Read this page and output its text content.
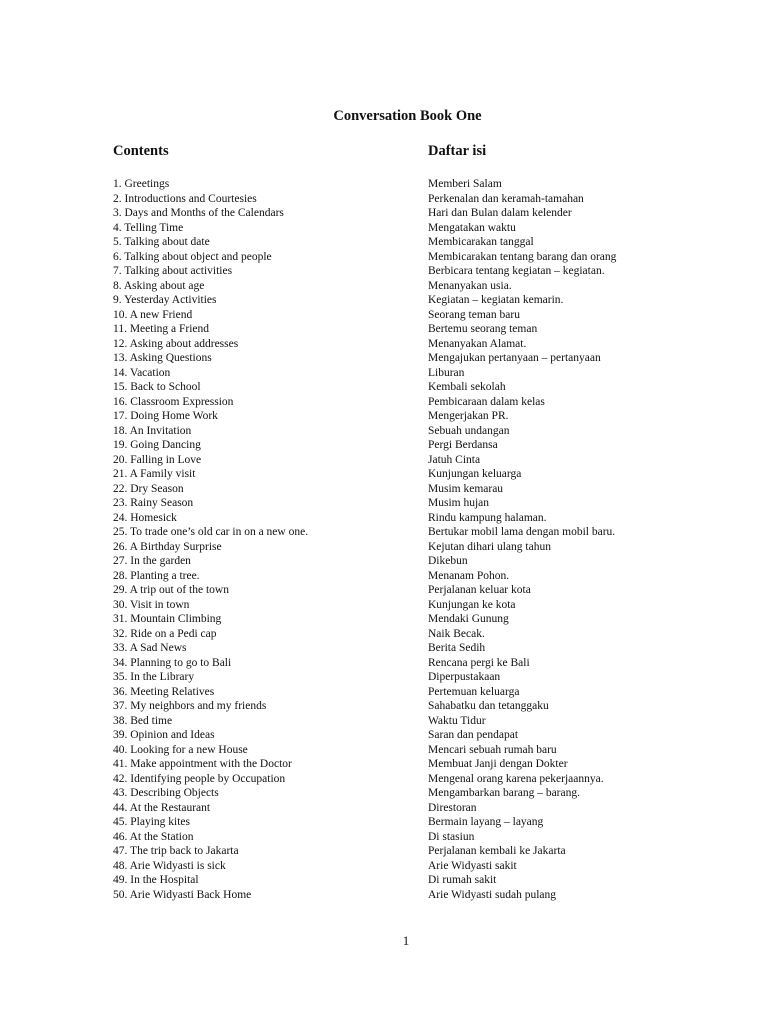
Conversation Book One
Contents	Daftar isi
1. Greetings
2. Introductions and Courtesies
3. Days and Months of the Calendars
4. Telling Time
5. Talking about date
6. Talking about object and people
7. Talking about activities
8. Asking about age
9. Yesterday Activities
10. A new Friend
11. Meeting a Friend
12. Asking about addresses
13. Asking Questions
14. Vacation
15. Back to School
16. Classroom Expression
17. Doing Home Work
18. An Invitation
19. Going Dancing
20. Falling in Love
21. A Family visit
22. Dry Season
23. Rainy Season
24. Homesick
25. To trade one’s old car in on a new one.
26. A Birthday Surprise
27. In the garden
28. Planting a tree.
29. A trip out of the town
30. Visit in town
31. Mountain Climbing
32. Ride on a Pedi cap
33. A Sad News
34. Planning to go to Bali
35. In the Library
36. Meeting Relatives
37. My neighbors and my friends
38. Bed time
39. Opinion and Ideas
40. Looking for a new House
41. Make appointment with the Doctor
42. Identifying people by Occupation
43. Describing Objects
44. At the Restaurant
45. Playing kites
46. At the Station
47. The trip back to Jakarta
48. Arie Widyasti is sick
49. In the Hospital
50. Arie Widyasti Back Home
Memberi Salam
Perkenalan dan keramah-tamahan
Hari dan Bulan dalam kelender
Mengatakan waktu
Membicarakan tanggal
Membicarakan tentang barang dan orang
Berbicara tentang kegiatan – kegiatan.
Menanyakan usia.
Kegiatan – kegiatan kemarin.
Seorang teman baru
Bertemu seorang teman
Menanyakan Alamat.
Mengajukan pertanyaan – pertanyaan
Liburan
Kembali sekolah
Pembicaraan dalam kelas
Mengerjakan PR.
Sebuah undangan
Pergi Berdansa
Jatuh Cinta
Kunjungan keluarga
Musim kemarau
Musim hujan
Rindu kampung halaman.
Bertukar mobil lama dengan mobil baru.
Kejutan dihari ulang tahun
Dikebun
Menanam Pohon.
Perjalanan keluar kota
Kunjungan ke kota
Mendaki Gunung
Naik Becak.
Berita Sedih
Rencana pergi ke Bali
Diperpustakaan
Pertemuan keluarga
Sahabatku dan tetanggaku
Waktu Tidur
Saran dan pendapat
Mencari sebuah rumah baru
Membuat Janji dengan Dokter
Mengenal orang karena pekerjaannya.
Mengambarkan barang – barang.
Direstoran
Bermain layang – layang
Di stasiun
Perjalanan kembali ke Jakarta
Arie Widyasti sakit
Di rumah sakit
Arie Widyasti sudah pulang
1
